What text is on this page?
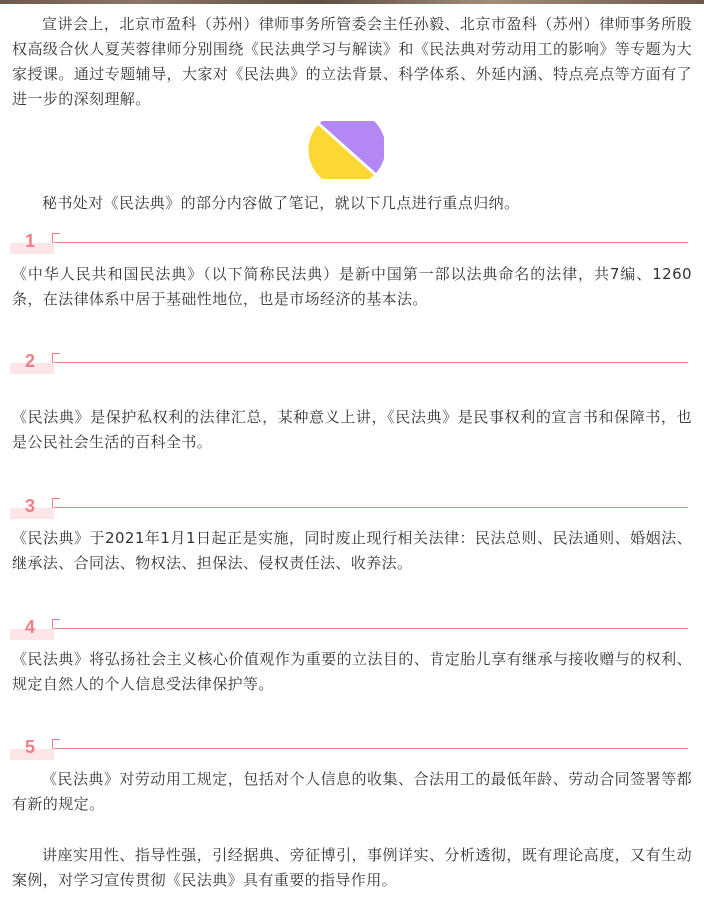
宣讲会上，北京市盈科（苏州）律师事务所管委会主任孙毅、北京市盈科（苏州）律师事务所股权高级合伙人夏芙蓉律师分别围绕《民法典学习与解读》和《民法典对劳动用工的影响》等专题为大家授课。通过专题辅导，大家对《民法典》的立法背景、科学体系、外延内涵、特点亮点等方面有了进一步的深刻理解。

秘书处对《民法典》的部分内容做了笔记，就以下几点进行重点归纳。

1

《中华人民共和国民法典》（以下简称民法典）是新中国第一部以法典命名的法律，共7编、1260条，在法律体系中居于基础性地位，也是市场经济的基本法。

2

《民法典》是保护私权利的法律汇总，某种意义上讲，《民法典》是民事权利的宣言书和保障书，也是公民社会生活的百科全书。

3

《民法典》于2021年1月1日起正是实施，同时废止现行相关法律：民法总则、民法通则、婚姻法、继承法、合同法、物权法、担保法、侵权责任法、收养法。

4

《民法典》将弘扬社会主义核心价值观作为重要的立法目的、肯定胎儿享有继承与接收赠与的权利、规定自然人的个人信息受法律保护等。

5

《民法典》对劳动用工规定，包括对个人信息的收集、合法用工的最低年龄、劳动合同签署等都有新的规定。

讲座实用性、指导性强，引经据典、旁征博引，事例详实、分析透彻，既有理论高度，又有生动案例，对学习宣传贯彻《民法典》具有重要的指导作用。
